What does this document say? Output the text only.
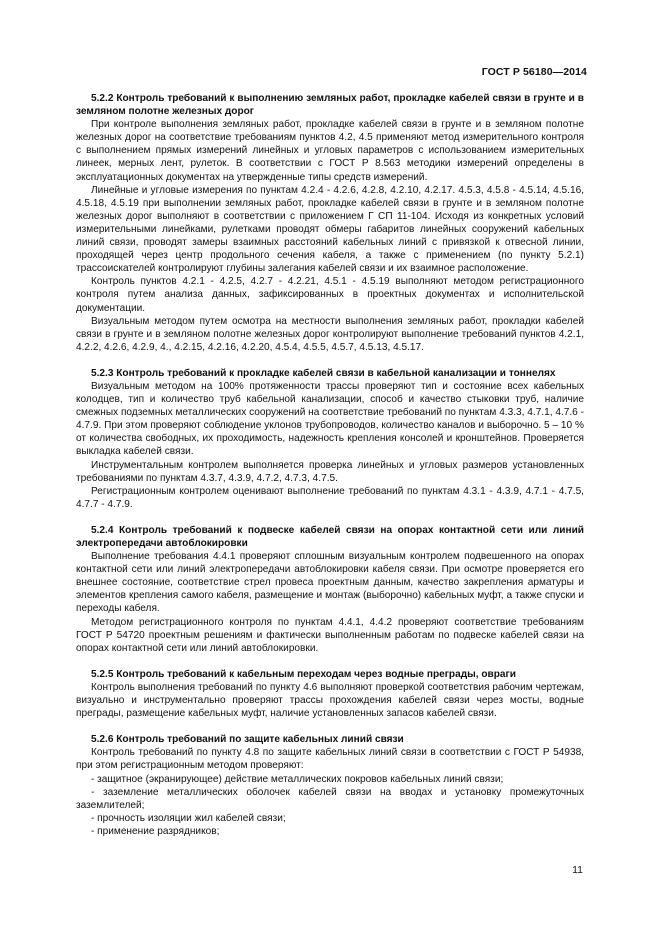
ГОСТ Р 56180—2014

5.2.2 Контроль требований к выполнению земляных работ, прокладке кабелей связи в грунте и в земляном полотне железных дорог

При контроле выполнения земляных работ, прокладке кабелей связи в грунте и в земляном полотне железных дорог на соответствие требованиям пунктов 4.2, 4.5 применяют метод измерительного контроля с выполнением прямых измерений линейных и угловых параметров с использованием измерительных линеек, мерных лент, рулеток. В соответствии с ГОСТ Р 8.563 методики измерений определены в эксплуатационных документах на утвержденные типы средств измерений.

Линейные и угловые измерения по пунктам 4.2.4 - 4.2.6, 4.2.8, 4.2.10, 4.2.17. 4.5.3, 4.5.8 - 4.5.14, 4.5.16, 4.5.18, 4.5.19 при выполнении земляных работ, прокладке кабелей связи в грунте и в земляном полотне железных дорог выполняют в соответствии с приложением Г СП 11-104. Исходя из конкретных условий измерительными линейками, рулетками проводят обмеры габаритов линейных сооружений кабельных линий связи, проводят замеры взаимных расстояний кабельных линий с привязкой к отвесной линии, проходящей через центр продольного сечения кабеля, а также с применением (по пункту 5.2.1) трассоискателей контролируют глубины залегания кабелей связи и их взаимное расположение.

Контроль пунктов 4.2.1 - 4.2.5, 4.2.7 - 4.2.21, 4.5.1 - 4.5.19 выполняют методом регистрационного контроля путем анализа данных, зафиксированных в проектных документах и исполнительской документации.

Визуальным методом путем осмотра на местности выполнения земляных работ, прокладки кабелей связи в грунте и в земляном полотне железных дорог контролируют выполнение требований пунктов 4.2.1, 4.2.2, 4.2.6, 4.2.9, 4., 4.2.15, 4.2.16, 4.2.20, 4.5.4, 4.5.5, 4.5.7, 4.5.13, 4.5.17.

5.2.3 Контроль требований к прокладке кабелей связи в кабельной канализации и тоннелях

Визуальным методом на 100% протяженности трассы проверяют тип и состояние всех кабельных колодцев, тип и количество труб кабельной канализации, способ и качество стыковки труб, наличие смежных подземных металлических сооружений на соответствие требований по пунктам 4.3.3, 4.7.1, 4.7.6 - 4.7.9. При этом проверяют соблюдение уклонов трубопроводов, количество каналов и выборочно. 5 – 10 % от количества свободных, их проходимость, надежность крепления консолей и кронштейнов. Проверяется выкладка кабелей связи.

Инструментальным контролем выполняется проверка линейных и угловых размеров установленных требованиями по пунктам 4.3.7, 4.3.9, 4.7.2, 4.7.3, 4.7.5.

Регистрационным контролем оценивают выполнение требований по пунктам 4.3.1 - 4.3.9, 4.7.1 - 4.7.5, 4.7.7 - 4.7.9.

5.2.4 Контроль требований к подвеске кабелей связи на опорах контактной сети или линий электропередачи автоблокировки

Выполнение требования 4.4.1 проверяют сплошным визуальным контролем подвешенного на опорах контактной сети или линий электропередачи автоблокировки кабеля связи. При осмотре проверяется его внешнее состояние, соответствие стрел провеса проектным данным, качество закрепления арматуры и элементов крепления самого кабеля, размещение и монтаж (выборочно) кабельных муфт, а также спуски и переходы кабеля.

Методом регистрационного контроля по пунктам 4.4.1, 4.4.2 проверяют соответствие требованиям ГОСТ Р 54720 проектным решениям и фактически выполненным работам по подвеске кабелей связи на опорах контактной сети или линий автоблокировки.

5.2.5 Контроль требований к кабельным переходам через водные преграды, овраги

Контроль выполнения требований по пункту 4.6 выполняют проверкой соответствия рабочим чертежам, визуально и инструментально проверяют трассы прохождения кабелей связи через мосты, водные преграды, размещение кабельных муфт, наличие установленных запасов кабелей связи.

5.2.6 Контроль требований по защите кабельных линий связи

Контроль требований по пункту 4.8 по защите кабельных линий связи в соответствии с ГОСТ Р 54938, при этом регистрационным методом проверяют:

- защитное (экранирующее) действие металлических покровов кабельных линий связи;

- заземление металлических оболочек кабелей связи на вводах и установку промежуточных заземлителей;

- прочность изоляции жил кабелей связи;

- применение разрядников;

11
